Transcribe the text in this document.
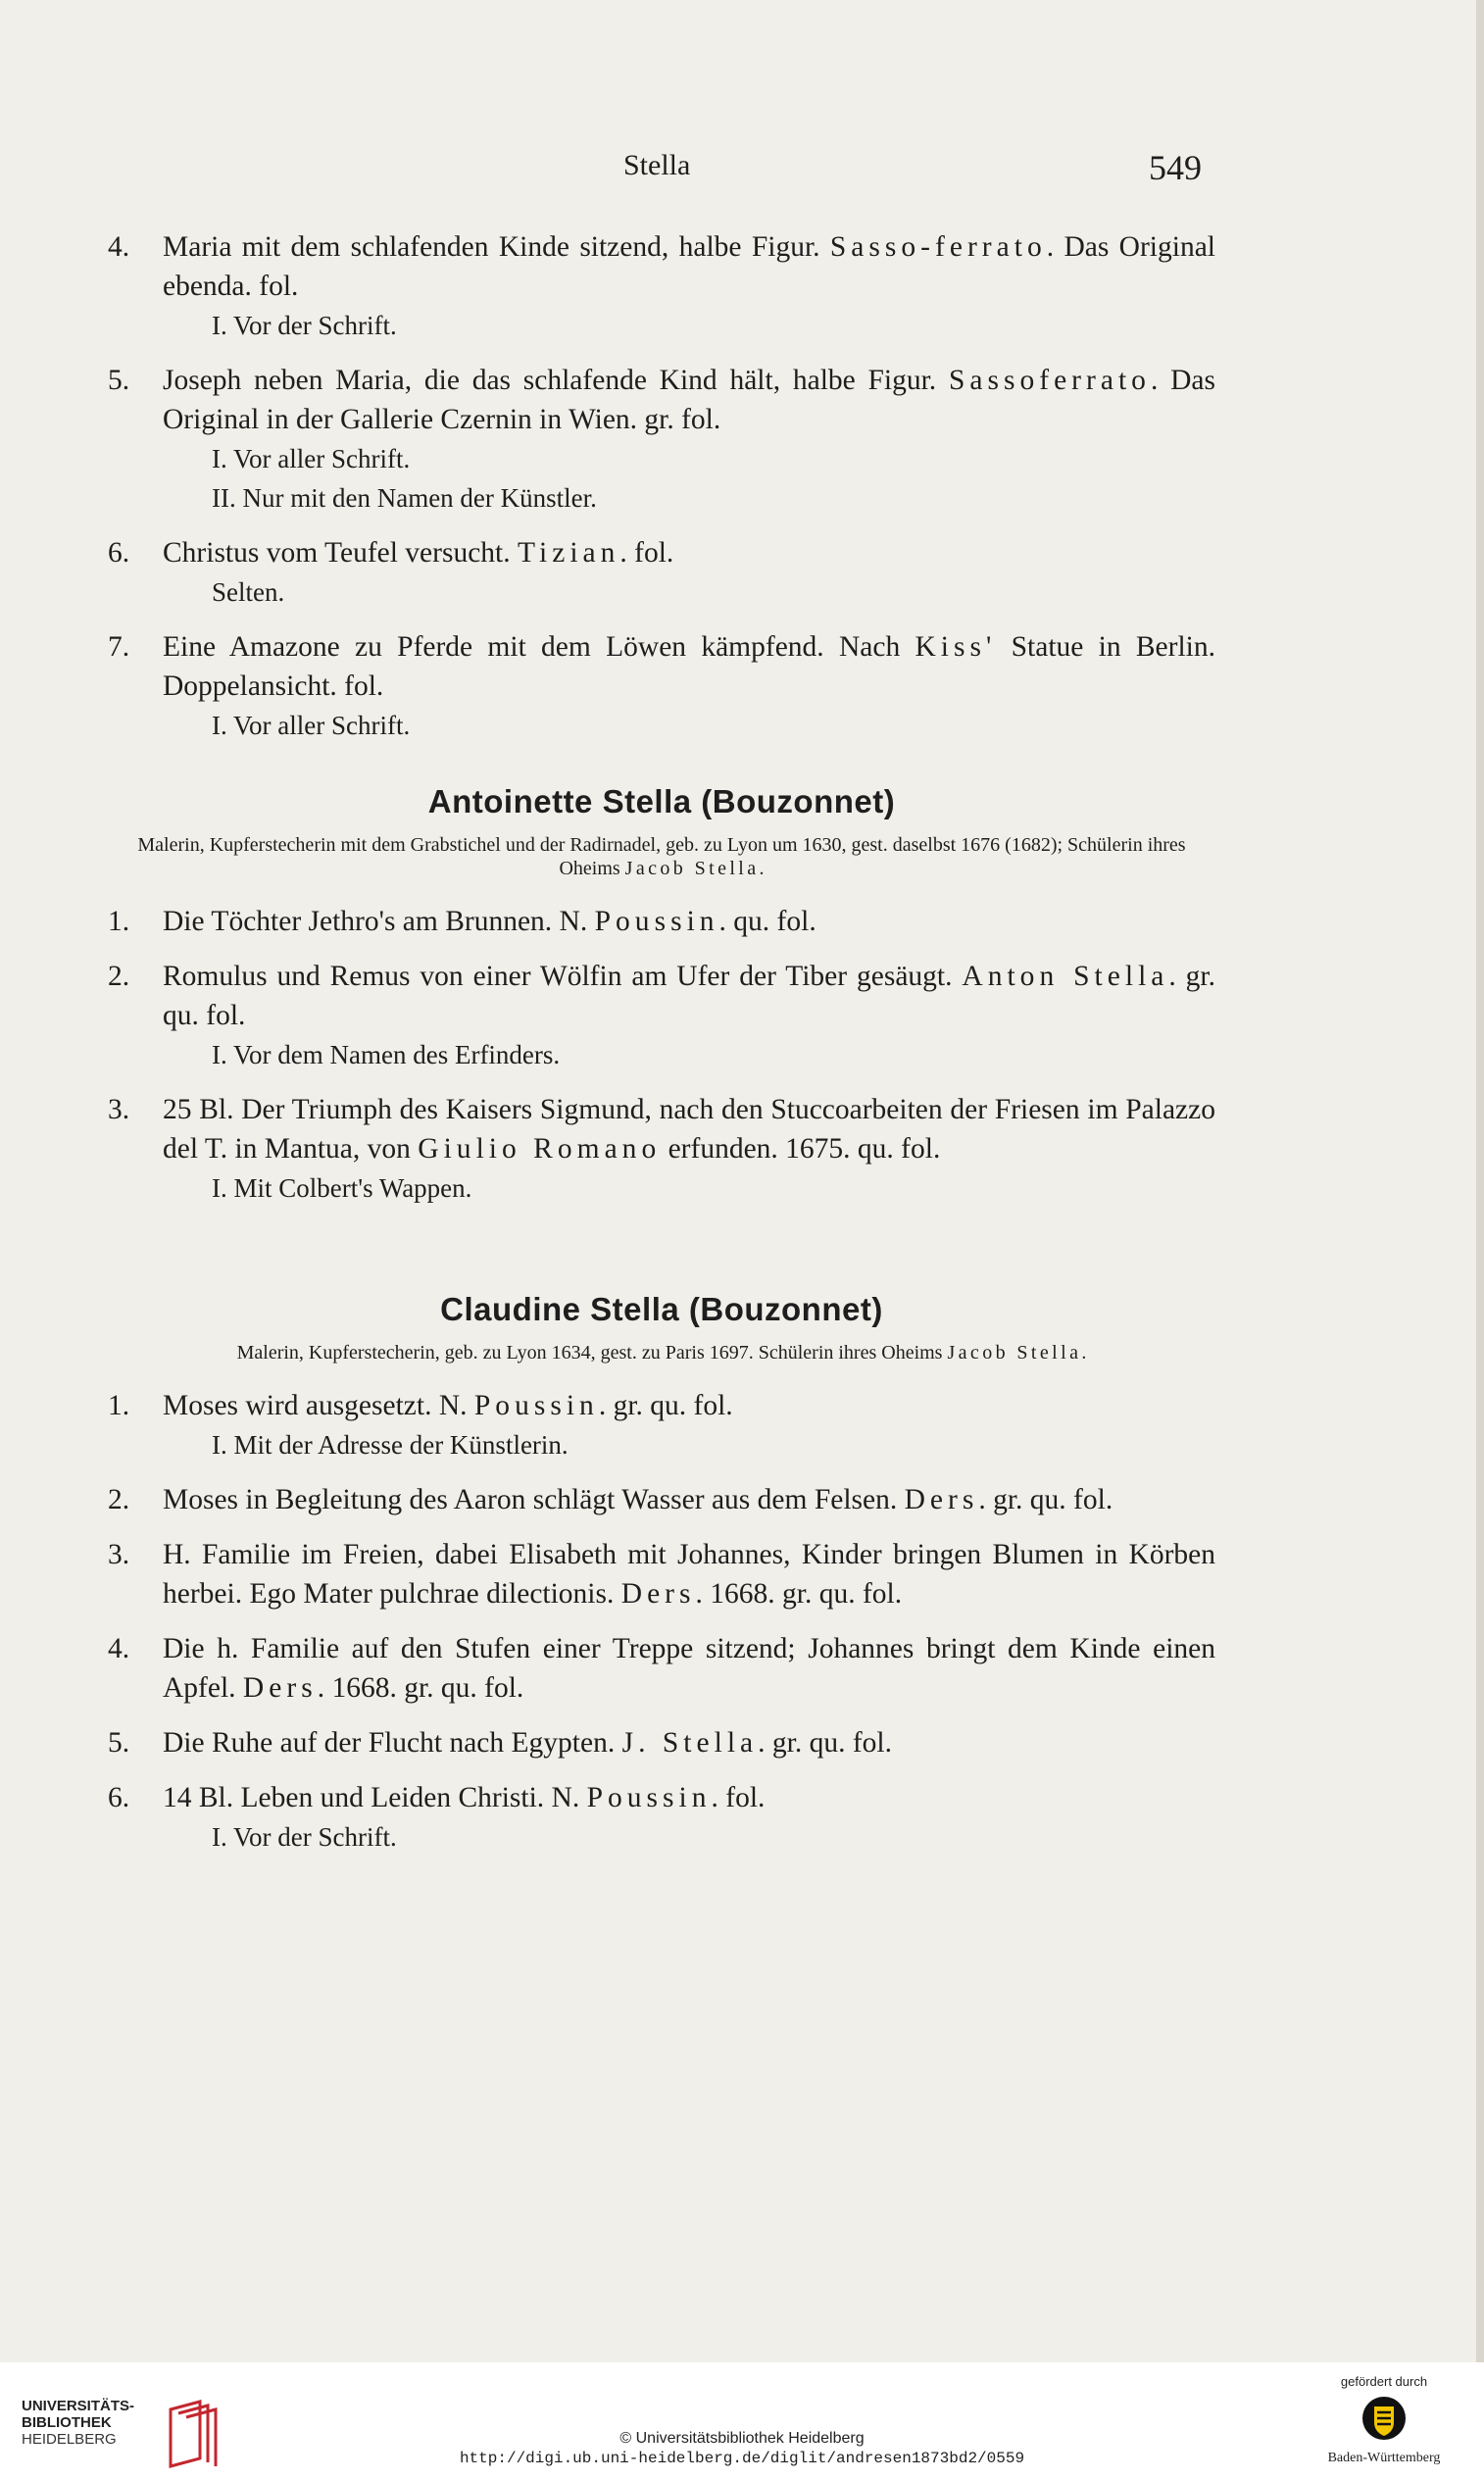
Stella	549
4. Maria mit dem schlafenden Kinde sitzend, halbe Figur. Sasso-ferrato. Das Original ebenda. fol.
I. Vor der Schrift.
5. Joseph neben Maria, die das schlafende Kind hält, halbe Figur. Sassoferrato. Das Original in der Gallerie Czernin in Wien. gr. fol.
I. Vor aller Schrift.
II. Nur mit den Namen der Künstler.
6. Christus vom Teufel versucht. Tizian. fol.
Selten.
7. Eine Amazone zu Pferde mit dem Löwen kämpfend. Nach Kiss' Statue in Berlin. Doppelansicht. fol.
I. Vor aller Schrift.
Antoinette Stella (Bouzonnet)
Malerin, Kupferstecherin mit dem Grabstichel und der Radirnadel, geb. zu Lyon um 1630, gest. daselbst 1676 (1682); Schülerin ihres Oheims Jacob Stella.
1. Die Töchter Jethro's am Brunnen. N. Poussin. qu. fol.
2. Romulus und Remus von einer Wölfin am Ufer der Tiber gesäugt. Anton Stella. gr. qu. fol.
I. Vor dem Namen des Erfinders.
3. 25 Bl. Der Triumph des Kaisers Sigmund, nach den Stuccoarbeiten der Friesen im Palazzo del T. in Mantua, von Giulio Romano erfunden. 1675. qu. fol.
I. Mit Colbert's Wappen.
Claudine Stella (Bouzonnet)
Malerin, Kupferstecherin, geb. zu Lyon 1634, gest. zu Paris 1697. Schülerin ihres Oheims Jacob Stella.
1. Moses wird ausgesetzt. N. Poussin. gr. qu. fol.
I. Mit der Adresse der Künstlerin.
2. Moses in Begleitung des Aaron schlägt Wasser aus dem Felsen. Ders. gr. qu. fol.
3. H. Familie im Freien, dabei Elisabeth mit Johannes, Kinder bringen Blumen in Körben herbei. Ego Mater pulchrae dilectionis. Ders. 1668. gr. qu. fol.
4. Die h. Familie auf den Stufen einer Treppe sitzend; Johannes bringt dem Kinde einen Apfel. Ders. 1668. gr. qu. fol.
5. Die Ruhe auf der Flucht nach Egypten. J. Stella. gr. qu. fol.
6. 14 Bl. Leben und Leiden Christi. N. Poussin. fol.
I. Vor der Schrift.
UNIVERSITÄTS-
BIBLIOTHEK
HEIDELBERG	© Universitätsbibliothek Heidelberg
http://digi.ub.uni-heidelberg.de/diglit/andresen1873bd2/0559
gefördert durch
Baden-Württemberg
